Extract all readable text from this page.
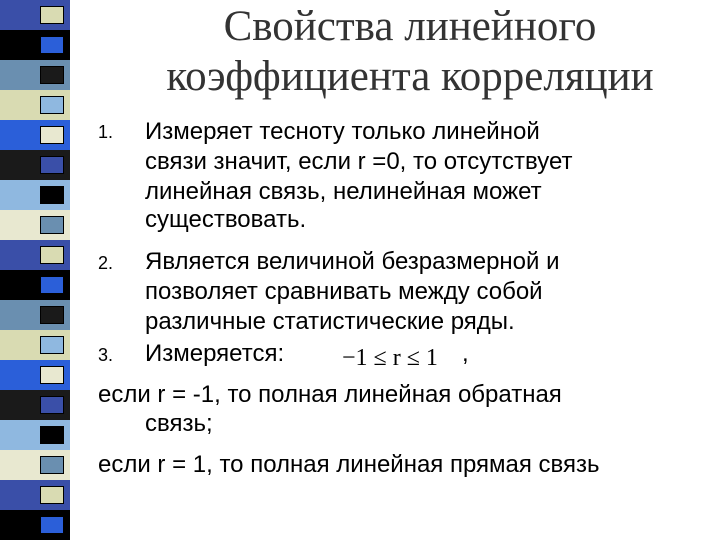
Свойства линейного
коэффициента корреляции
1. Измеряет тесноту только линейной
связи значит, если r =0, то отсутствует
линейная связь, нелинейная может
существовать.
2. Является величиной безразмерной и
позволяет сравнивать между собой
различные статистические ряды.
3. Измеряется: −1 ≤ r ≤ 1 ,
если r = -1, то полная линейная обратная
связь;
если r = 1, то полная линейная прямая связь
